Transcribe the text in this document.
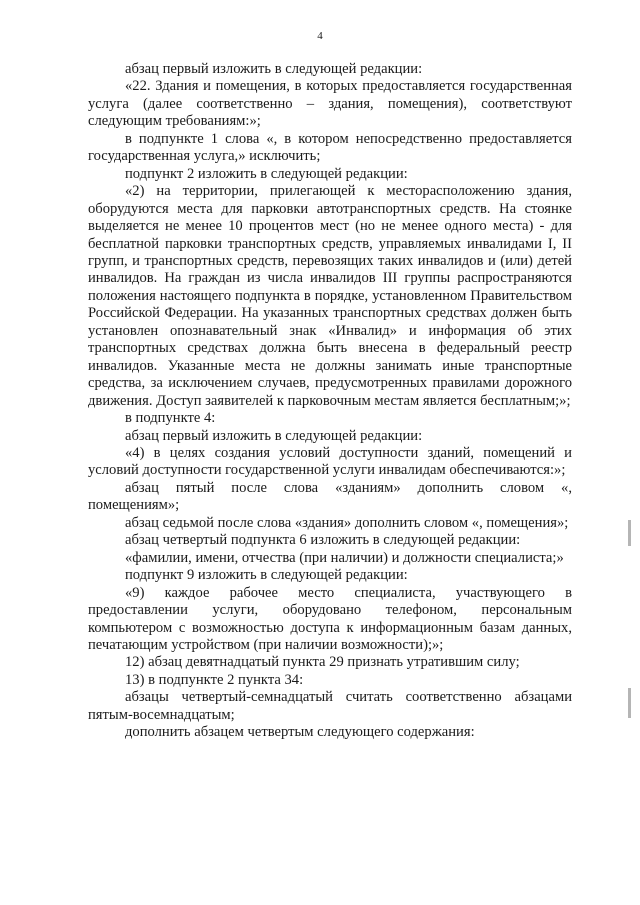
4

абзац первый изложить в следующей редакции:

«22. Здания и помещения, в которых предоставляется государственная услуга (далее соответственно – здания, помещения), соответствуют следующим требованиям:»;

в подпункте 1 слова «, в котором непосредственно предоставляется государственная услуга,» исключить;

подпункт 2 изложить в следующей редакции:

«2) на территории, прилегающей к месторасположению здания, оборудуются места для парковки автотранспортных средств. На стоянке выделяется не менее 10 процентов мест (но не менее одного места) - для бесплатной парковки транспортных средств, управляемых инвалидами I, II групп, и транспортных средств, перевозящих таких инвалидов и (или) детей инвалидов. На граждан из числа инвалидов III группы распространяются положения настоящего подпункта в порядке, установленном Правительством Российской Федерации. На указанных транспортных средствах должен быть установлен опознавательный знак «Инвалид» и информация об этих транспортных средствах должна быть внесена в федеральный реестр инвалидов. Указанные места не должны занимать иные транспортные средства, за исключением случаев, предусмотренных правилами дорожного движения. Доступ заявителей к парковочным местам является бесплатным;»;

в подпункте 4:

абзац первый изложить в следующей редакции:

«4) в целях создания условий доступности зданий, помещений и условий доступности государственной услуги инвалидам обеспечиваются:»;

абзац пятый после слова «зданиям» дополнить словом «, помещениям»;

абзац седьмой после слова «здания» дополнить словом «, помещения»;

абзац четвертый подпункта 6 изложить в следующей редакции:

«фамилии, имени, отчества (при наличии) и должности специалиста;»

подпункт 9 изложить в следующей редакции:

«9) каждое рабочее место специалиста, участвующего в предоставлении услуги, оборудовано телефоном, персональным компьютером с возможностью доступа к информационным базам данных, печатающим устройством (при наличии возможности);»;

12) абзац девятнадцатый пункта 29 признать утратившим силу;

13) в подпункте 2 пункта 34:

абзацы четвертый-семнадцатый считать соответственно абзацами пятым-восемнадцатым;

дополнить абзацем четвертым следующего содержания:
